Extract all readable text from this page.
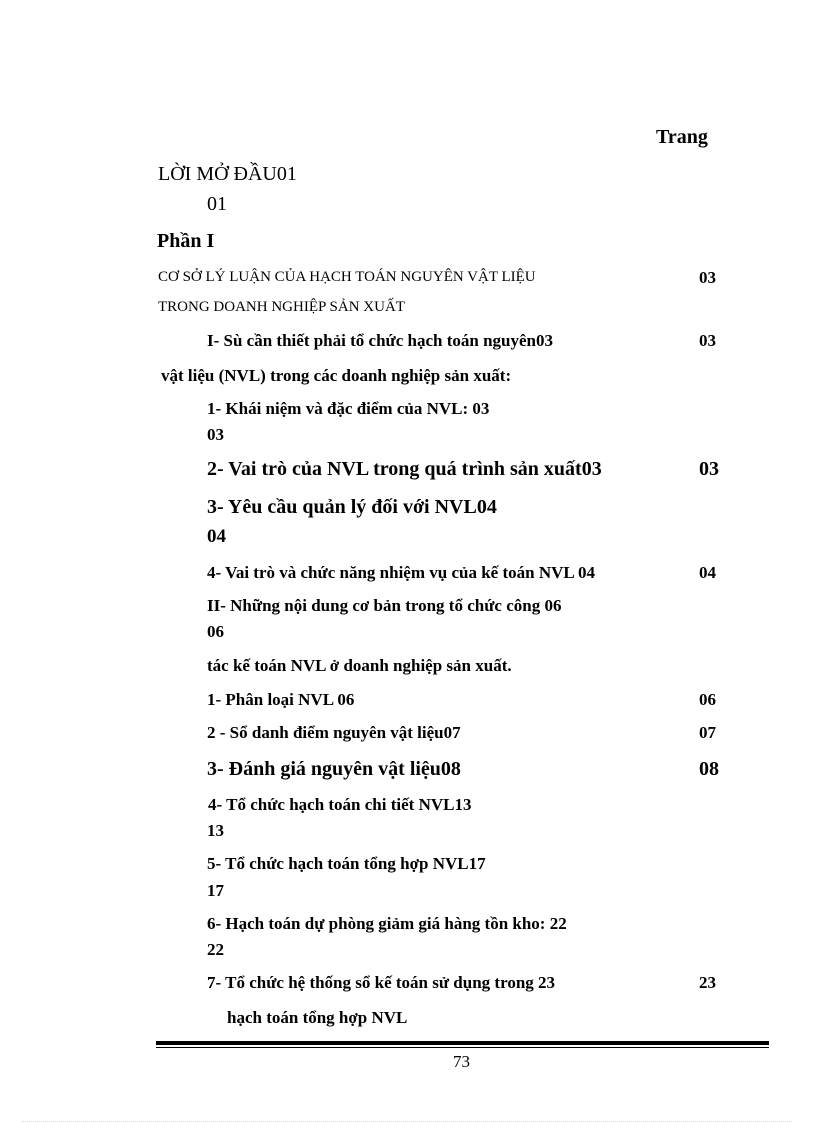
Trang
LỜI MỞ ĐẦU01
01
Phần I
CƠ SỞ LÝ LUẬN CỦA HẠCH TOÁN NGUYÊN VẬT LIỆU	03
TRONG DOANH NGHIỆP SẢN XUẤT
I- Sù cần thiết phải tổ chức hạch toán nguyên03	03
vật liệu (NVL) trong các doanh nghiệp sản xuất:
1- Khái niệm và đặc điểm của NVL: 03
03
2- Vai trò của NVL trong quá trình sản xuất03	03
3- Yêu cầu quản lý đối với NVL04
04
4- Vai trò và chức năng nhiệm vụ của kế toán NVL 04	04
II- Những nội dung cơ bản trong tổ chức công 06
06
tác kế toán NVL ở doanh nghiệp sản xuất.
1- Phân loại NVL 06	06
2 - Sổ danh điểm nguyên vật liệu07	07
3- Đánh giá nguyên vật liệu08	08
4- Tổ chức hạch toán chi tiết NVL13
13
5- Tổ chức hạch toán tổng hợp NVL17
17
6- Hạch toán dự phòng giảm giá hàng tồn kho: 22
22
7- Tổ chức hệ thống sổ kế toán sử dụng trong 23	23
hạch toán tổng hợp NVL
73
